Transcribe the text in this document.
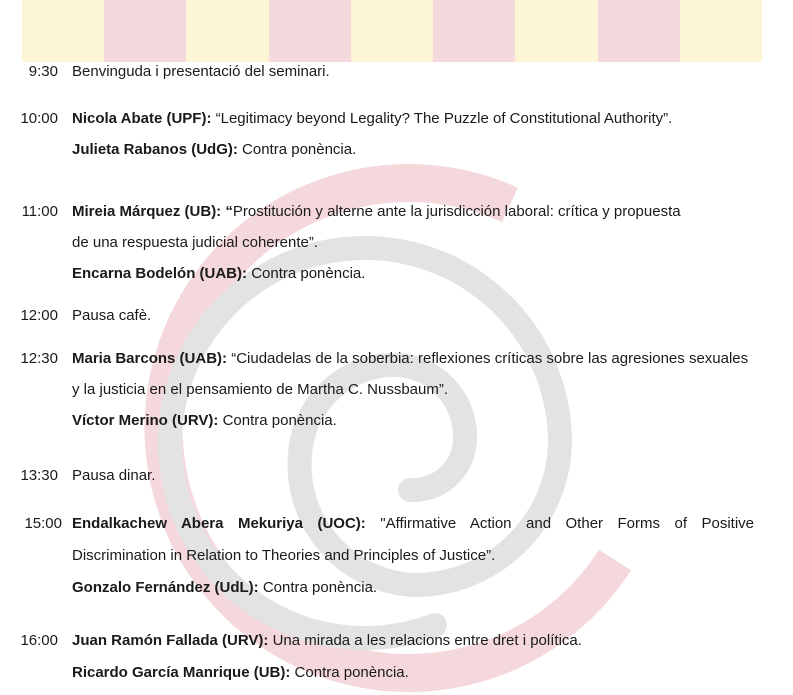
9:30 Benvinguda i presentació del seminari.
10:00 Nicola Abate (UPF): “Legitimacy beyond Legality? The Puzzle of Constitutional Authority”.
Julieta Rabanos (UdG): Contra ponència.
11:00 Mireia Márquez (UB): “Prostitución y alterne ante la jurisdicción laboral: crítica y propuesta
de una respuesta judicial coherente”.
Encarna Bodelón (UAB): Contra ponència.
12:00 Pausa cafè.
12:30 Maria Barcons (UAB): “Ciudadelas de la soberbia: reflexiones críticas sobre las agresiones sexuales
y la justicia en el pensamiento de Martha C. Nussbaum”.
Víctor Merino (URV): Contra ponència.
13:30 Pausa dinar.
15:00 Endalkachew Abera Mekuriya (UOC): "Affirmative Action and Other Forms of Positive
Discrimination in Relation to Theories and Principles of Justice”.
Gonzalo Fernández (UdL): Contra ponència.
16:00 Juan Ramón Fallada (URV): Una mirada a les relacions entre dret i política.
Ricardo García Manrique (UB): Contra ponència.
